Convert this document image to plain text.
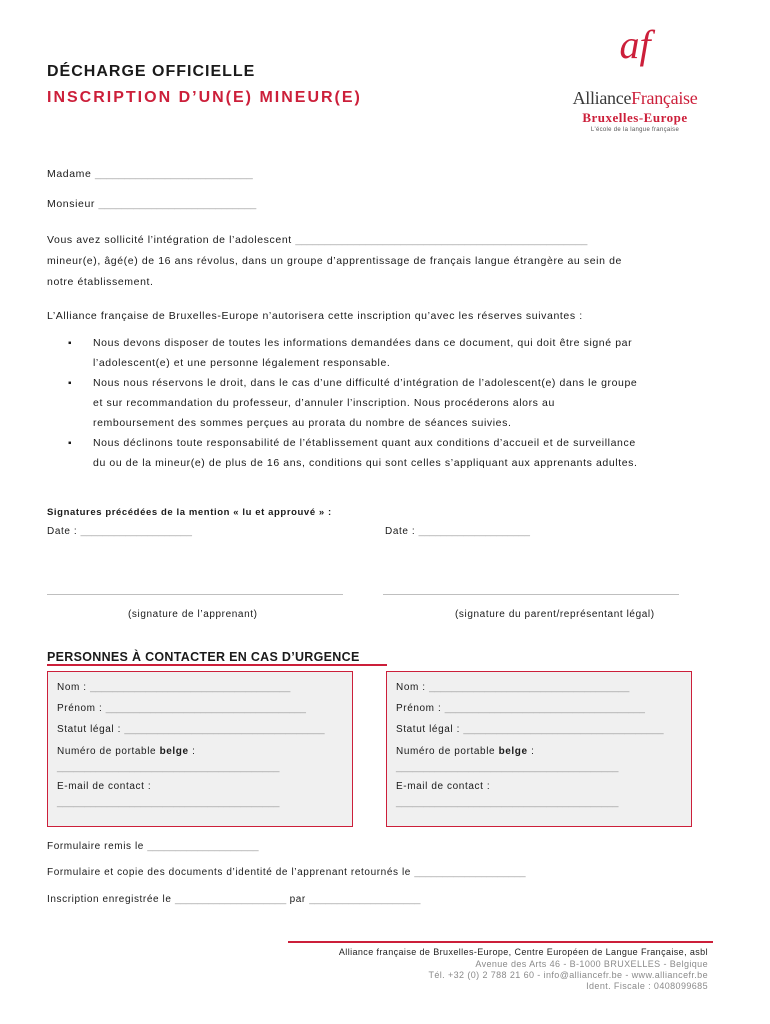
DÉCHARGE OFFICIELLE
INSCRIPTION D’UN(E) MINEUR(E)
af
AllianceFrançaise
Bruxelles-Europe
L'école de la langue française
Madame ___________________________
Monsieur ___________________________
Vous avez sollicité l’intégration de l’adolescent __________________________________________________
mineur(e), âgé(e) de 16 ans révolus, dans un groupe d’apprentissage de français langue étrangère au sein de
notre établissement.
L’Alliance française de Bruxelles-Europe n’autorisera cette inscription qu’avec les réserves suivantes :
▪ Nous devons disposer de toutes les informations demandées dans ce document, qui doit être signé par
l’adolescent(e) et une personne légalement responsable.
▪ Nous nous réservons le droit, dans le cas d’une difficulté d’intégration de l’adolescent(e) dans le groupe
et sur recommandation du professeur, d’annuler l’inscription. Nous procéderons alors au
remboursement des sommes perçues au prorata du nombre de séances suivies.
▪ Nous déclinons toute responsabilité de l’établissement quant aux conditions d’accueil et de surveillance
du ou de la mineur(e) de plus de 16 ans, conditions qui sont celles s’appliquant aux apprenants adultes.
Signatures précédées de la mention « lu et approuvé » :
Date : ____________________	Date : ____________________
(signature de l’apprenant)	(signature du parent/représentant légal)
PERSONNES À CONTACTER EN CAS D’URGENCE
Nom : ____________________________________
Prénom : ____________________________________
Statut légal : ____________________________________
Numéro de portable belge :
________________________________________
E-mail de contact :
________________________________________
Nom : ____________________________________
Prénom : ____________________________________
Statut légal : ____________________________________
Numéro de portable belge :
________________________________________
E-mail de contact :
________________________________________
Formulaire remis le ____________________
Formulaire et copie des documents d’identité de l’apprenant retournés le ____________________
Inscription enregistrée le ____________________ par ____________________
Alliance française de Bruxelles-Europe, Centre Européen de Langue Française, asbl
Avenue des Arts 46 - B-1000 BRUXELLES - Belgique
Tél. +32 (0) 2 788 21 60 - info@alliancefr.be - www.alliancefr.be
Ident. Fiscale : 0408099685
